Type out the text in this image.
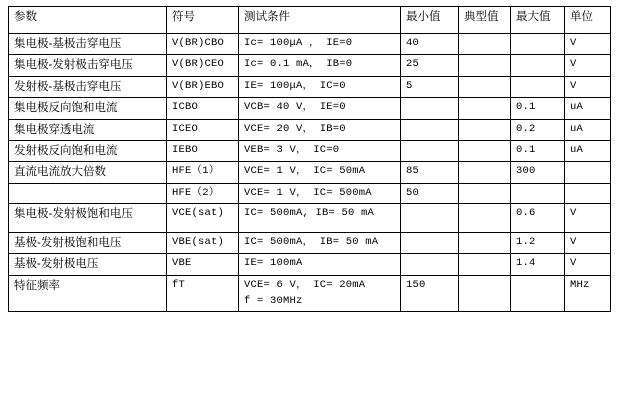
参数	符号	测试条件	最小值	典型值	最大值	单位
集电极-基极击穿电压	V(BR)CBO	Ic= 100μA ， IE=0	40			V
集电极-发射极击穿电压	V(BR)CEO	Ic= 0.1 mA， IB=0	25			V
发射极-基极击穿电压	V(BR)EBO	IE= 100μA， IC=0	5			V
集电极反向饱和电流	ICBO	VCB= 40 V， IE=0			0.1	uA
集电极穿透电流	ICEO	VCE= 20 V， IB=0			0.2	uA
发射极反向饱和电流	IEBO	VEB= 3 V， IC=0			0.1	uA
直流电流放大倍数	HFE（1）	VCE= 1 V， IC= 50mA	85		300	
	HFE（2）	VCE= 1 V， IC= 500mA	50			
集电极-发射极饱和电压	VCE(sat)	IC= 500mA, IB= 50 mA			0.6	V
基极-发射极饱和电压	VBE(sat)	IC= 500mA， IB= 50 mA			1.2	V
基极-发射极电压	VBE	IE= 100mA			1.4	V
特征频率	fT	VCE= 6 V， IC= 20mA
f = 30MHz	150			MHz
